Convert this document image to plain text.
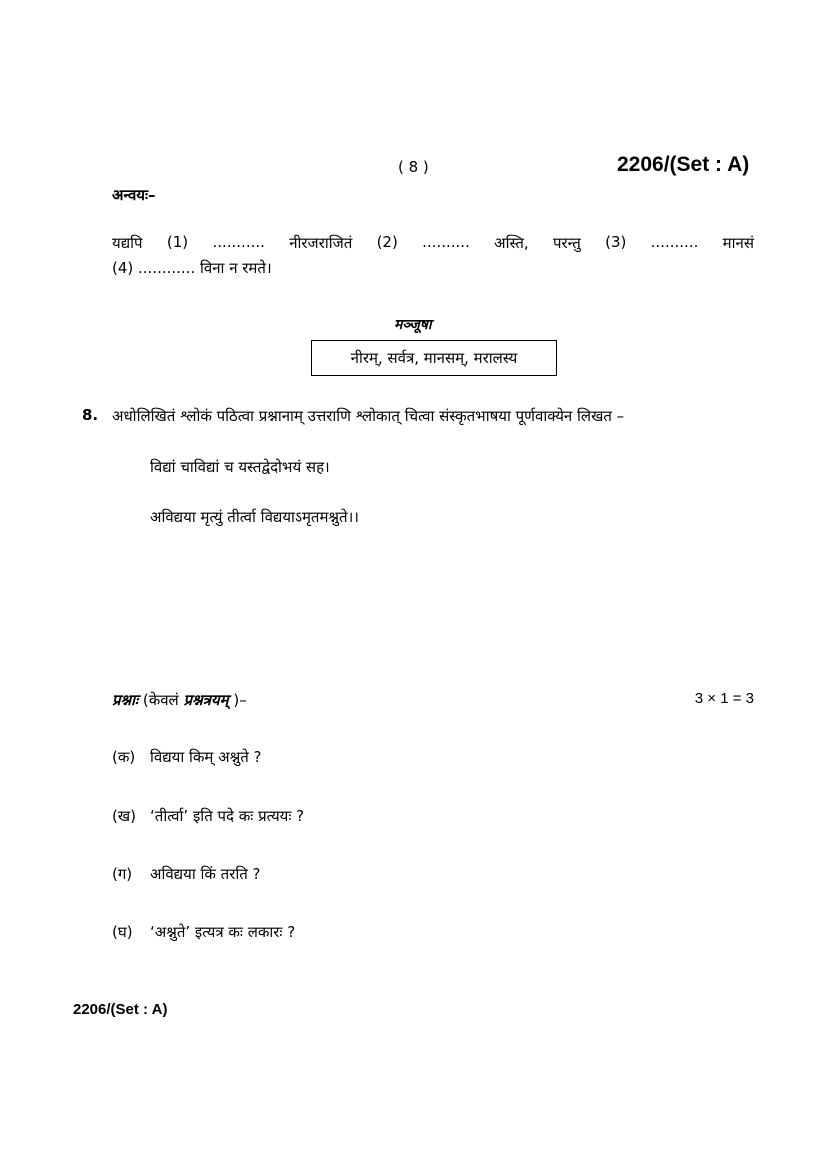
( 8 )	2206/(Set : A)
अन्वयः–
यद्यपि (1) ........... नीरजराजितं (2) .......... अस्ति, परन्तु (3) .......... मानसं
(4) ............ विना न रमते।
मञ्जूषा
नीरम्, सर्वत्र, मानसम्, मरालस्य
8. अधोलिखितं श्लोकं पठित्वा प्रश्नानाम् उत्तराणि श्लोकात् चित्वा संस्कृतभाषया पूर्णवाक्येन लिखत –
विद्यां चाविद्यां च यस्तद्वेदोभयं सह।
अविद्यया मृत्युं तीर्त्वा विद्ययाऽमृतमश्नुते।।
प्रश्नाः (केवलं प्रश्नत्रयम् )–	3 × 1 = 3
(क) विद्यया किम् अश्नुते ?
(ख) ‘तीर्त्वा’ इति पदे कः प्रत्ययः ?
(ग) अविद्यया किं तरति ?
(घ) ‘अश्नुते’ इत्यत्र कः लकारः ?
2206/(Set : A)
